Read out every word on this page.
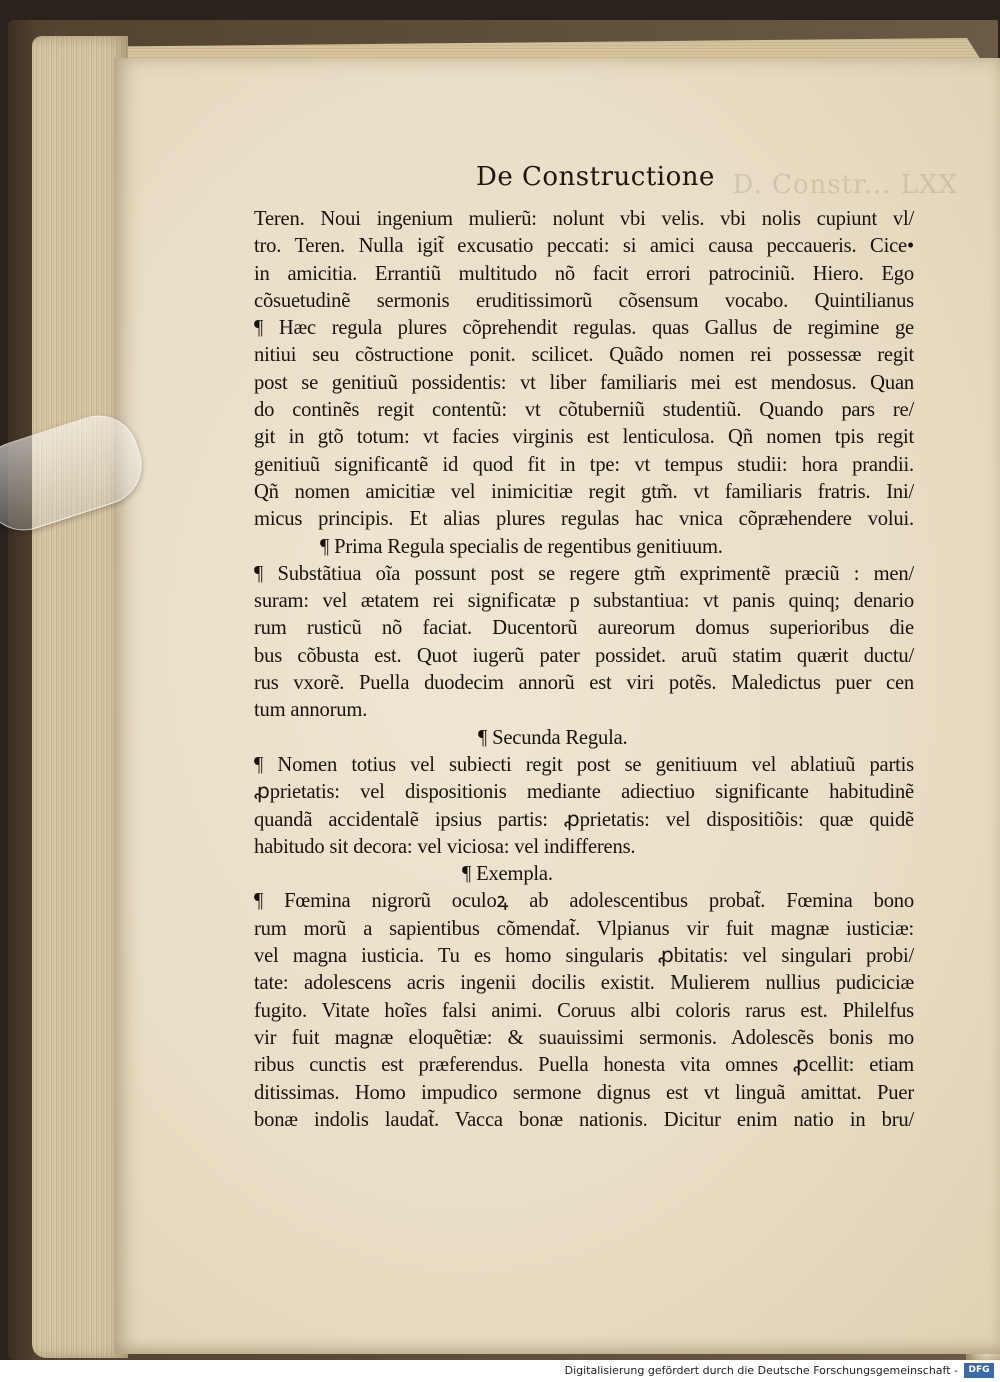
D. Constr... LXX
De Constructione
Teren. Noui ingenium mulierũ: nolunt vbi velis. vbi nolis cupiunt vl/
tro. Teren. Nulla igit̃ excusatio peccati: si amici causa peccaueris. Cice•
in amicitia. Errantiũ multitudo nõ facit errori patrociniũ. Hiero. Ego
cõsuetudinẽ sermonis eruditissimorũ cõsensum vocabo. Quintilianus
¶ Hæc regula plures cõprehendit regulas. quas Gallus de regimine ge
nitiui seu cõstructione ponit. scilicet. Quãdo nomen rei possessæ regit
post se genitiuũ possidentis: vt liber familiaris mei est mendosus. Quan
do continẽs regit contentũ: vt cõtuberniũ studentiũ. Quando pars re/
git in gtõ totum: vt facies virginis est lenticulosa. Qñ nomen tpis regit
genitiuũ significantẽ id quod fit in tpe: vt tempus studii: hora prandii.
Qñ nomen amicitiæ vel inimicitiæ regit gtm̃. vt familiaris fratris. Ini/
micus principis. Et alias plures regulas hac vnica cõpræhendere volui.
¶ Prima Regula specialis de regentibus genitiuum.
¶ Substãtiua oĩa possunt post se regere gtm̃ exprimentẽ præciũ : men/
suram: vel ætatem rei significatæ p substantiua: vt panis quinq; denario
rum rusticũ nõ faciat. Ducentorũ aureorum domus superioribus die
bus cõbusta est. Quot iugerũ pater possidet. aruũ statim quærit ductu/
rus vxorẽ. Puella duodecim annorũ est viri potẽs. Maledictus puer cen
tum annorum.
¶ Secunda Regula.
¶ Nomen totius vel subiecti regit post se genitiuum vel ablatiuũ partis
ꝓprietatis: vel dispositionis mediante adiectiuo significante habitudinẽ
quandã accidentalẽ ipsius partis: ꝓprietatis: vel dispositiõis: quæ quidẽ
habitudo sit decora: vel viciosa: vel indifferens.
¶ Exempla.
¶ Fœmina nigrorũ oculoꝝ ab adolescentibus probat̃. Fœmina bono
rum morũ a sapientibus cõmendat̃. Vlpianus vir fuit magnæ iusticiæ:
vel magna iusticia. Tu es homo singularis ꝓbitatis: vel singulari probi/
tate: adolescens acris ingenii docilis existit. Mulierem nullius pudiciciæ
fugito. Vitate hoĩes falsi animi. Coruus albi coloris rarus est. Philelfus
vir fuit magnæ eloquẽtiæ: & suauissimi sermonis. Adolescẽs bonis mo
ribus cunctis est præferendus. Puella honesta vita omnes ꝓcellit: etiam
ditissimas. Homo impudico sermone dignus est vt linguã amittat. Puer
bonæ indolis laudat̃. Vacca bonæ nationis. Dicitur enim natio in bru/
Digitalisierung gefördert durch die Deutsche Forschungsgemeinschaft -	DFG
